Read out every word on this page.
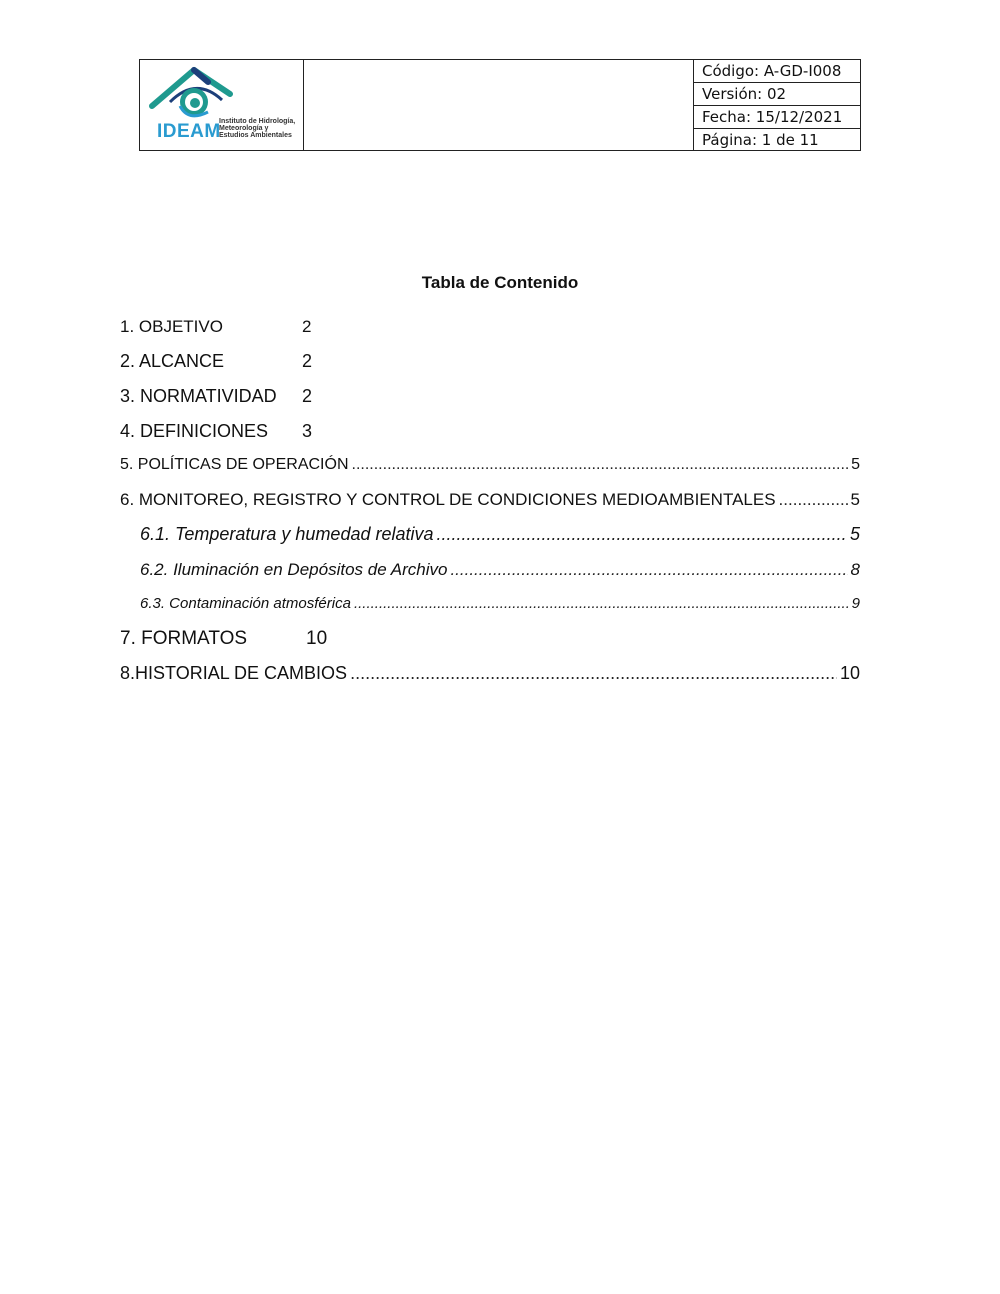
IDEAM
Instituto de Hidrología,
Meteorología y
Estudios Ambientales
Código: A-GD-I008
Versión: 02
Fecha: 15/12/2021
Página: 1 de 11
Tabla de Contenido
1. OBJETIVO	2
2. ALCANCE	2
3. NORMATIVIDAD	2
4. DEFINICIONES	3
5. POLÍTICAS DE OPERACIÓN .....	5
6. MONITOREO, REGISTRO Y CONTROL DE CONDICIONES MEDIOAMBIENTALES .....	5
6.1. Temperatura y humedad relativa .....	5
6.2. Iluminación en Depósitos de Archivo .....	8
6.3. Contaminación atmosférica .....	9
7. FORMATOS	10
8.HISTORIAL DE CAMBIOS .....	10
